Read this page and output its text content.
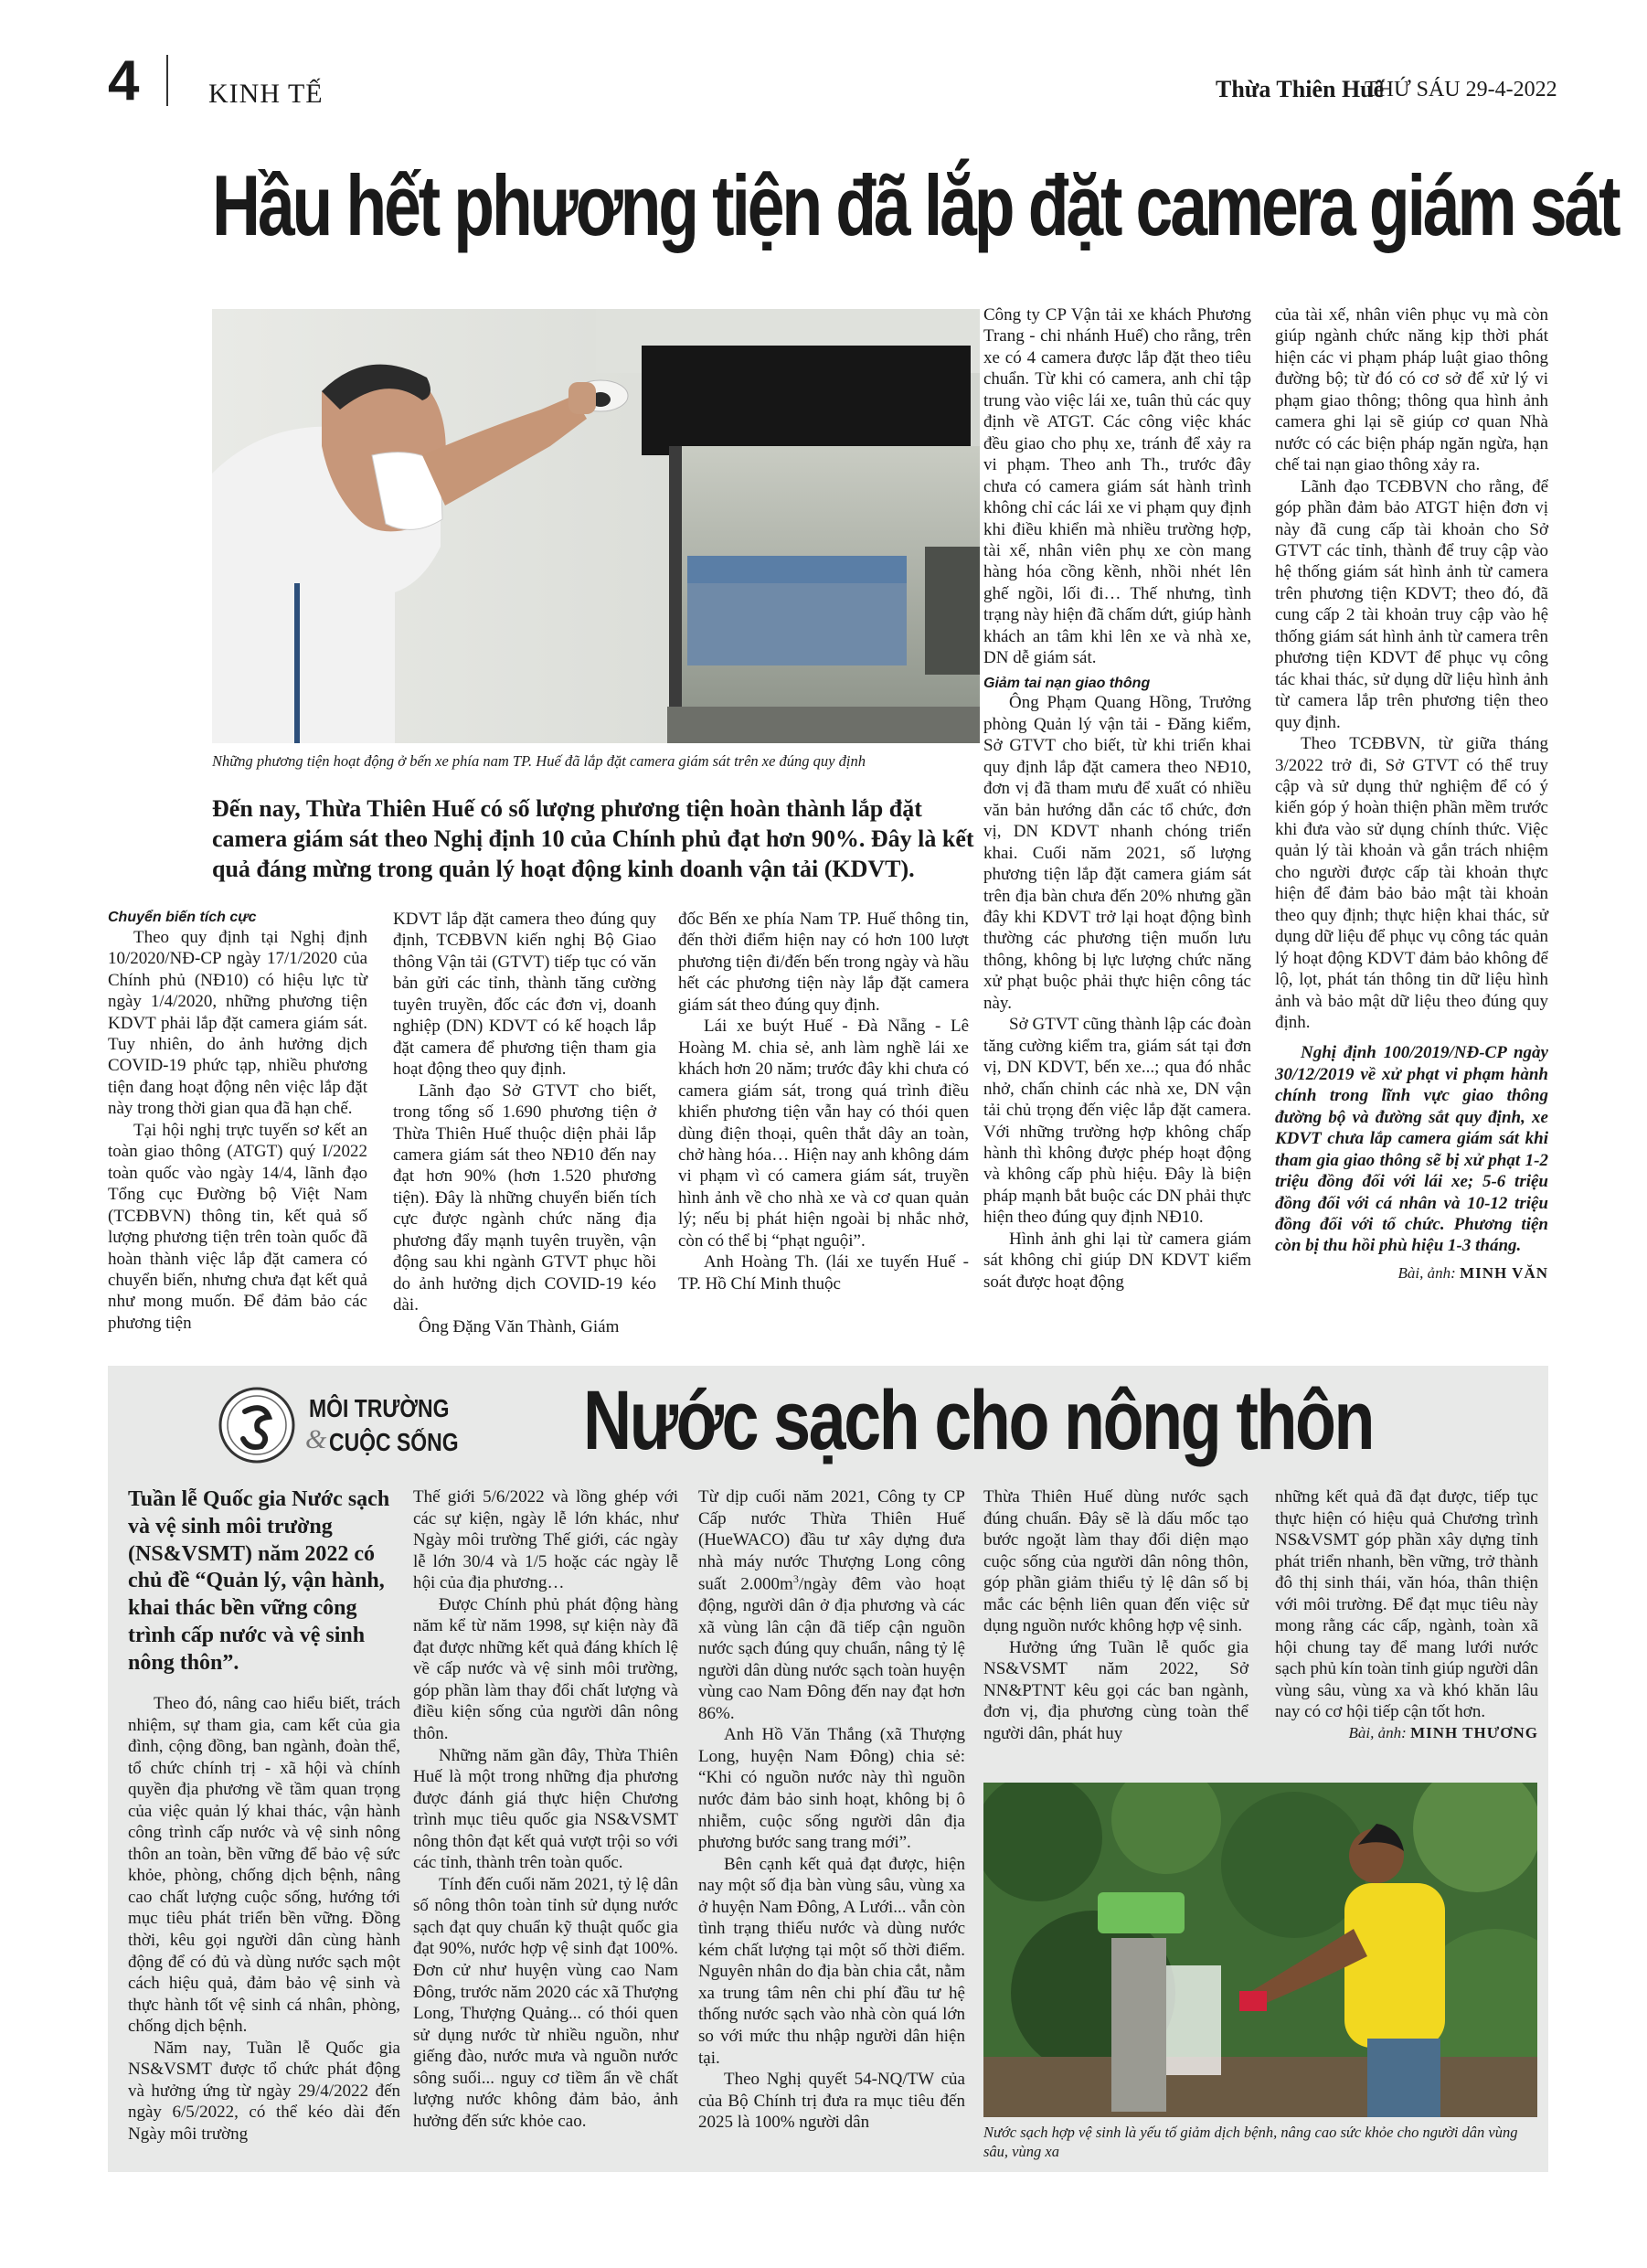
4	KINH TẾ	Thừa Thiên Huế
THỨ SÁU 29-4-2022
Hầu hết phương tiện đã lắp đặt camera giám sát
Những phương tiện hoạt động ở bến xe phía nam TP. Huế đã lắp đặt camera giám sát trên xe đúng quy định
Đến nay, Thừa Thiên Huế có số lượng phương tiện hoàn thành lắp đặt camera giám sát theo Nghị định 10 của Chính phủ đạt hơn 90%. Đây là kết quả đáng mừng trong quản lý hoạt động kinh doanh vận tải (KDVT).

Chuyển biến tích cực

Theo quy định tại Nghị định 10/2020/NĐ-CP ngày 17/1/2020 của Chính phủ (NĐ10) có hiệu lực từ ngày 1/4/2020, những phương tiện KDVT phải lắp đặt camera giám sát. Tuy nhiên, do ảnh hưởng dịch COVID-19 phức tạp, nhiều phương tiện đang hoạt động nên việc lắp đặt này trong thời gian qua đã hạn chế.

Tại hội nghị trực tuyến sơ kết an toàn giao thông (ATGT) quý I/2022 toàn quốc vào ngày 14/4, lãnh đạo Tổng cục Đường bộ Việt Nam (TCĐBVN) thông tin, kết quả số lượng phương tiện trên toàn quốc đã hoàn thành việc lắp đặt camera có chuyển biến, nhưng chưa đạt kết quả như mong muốn. Để đảm bảo các phương tiện

KDVT lắp đặt camera theo đúng quy định, TCĐBVN kiến nghị Bộ Giao thông Vận tải (GTVT) tiếp tục có văn bản gửi các tỉnh, thành tăng cường tuyên truyền, đốc các đơn vị, doanh nghiệp (DN) KDVT có kế hoạch lắp đặt camera để phương tiện tham gia hoạt động theo quy định.

Lãnh đạo Sở GTVT cho biết, trong tổng số 1.690 phương tiện ở Thừa Thiên Huế thuộc diện phải lắp camera giám sát theo NĐ10 đến nay đạt hơn 90% (hơn 1.520 phương tiện). Đây là những chuyển biến tích cực được ngành chức năng địa phương đẩy mạnh tuyên truyền, vận động sau khi ngành GTVT phục hồi do ảnh hưởng dịch COVID-19 kéo dài.

Ông Đặng Văn Thành, Giám

đốc Bến xe phía Nam TP. Huế thông tin, đến thời điểm hiện nay có hơn 100 lượt phương tiện đi/đến bến trong ngày và hầu hết các phương tiện này lắp đặt camera giám sát theo đúng quy định.

Lái xe buýt Huế - Đà Nẵng - Lê Hoàng M. chia sẻ, anh làm nghề lái xe khách hơn 20 năm; trước đây khi chưa có camera giám sát, trong quá trình điều khiển phương tiện vẫn hay có thói quen dùng điện thoại, quên thắt dây an toàn, chở hàng hóa… Hiện nay anh không dám vi phạm vì có camera giám sát, truyền hình ảnh về cho nhà xe và cơ quan quản lý; nếu bị phát hiện ngoài bị nhắc nhở, còn có thể bị “phạt nguội”.

Anh Hoàng Th. (lái xe tuyến Huế - TP. Hồ Chí Minh thuộc

Công ty CP Vận tải xe khách Phương Trang - chi nhánh Huế) cho rằng, trên xe có 4 camera được lắp đặt theo tiêu chuẩn. Từ khi có camera, anh chỉ tập trung vào việc lái xe, tuân thủ các quy định về ATGT. Các công việc khác đều giao cho phụ xe, tránh để xảy ra vi phạm. Theo anh Th., trước đây chưa có camera giám sát hành trình không chỉ các lái xe vi phạm quy định khi điều khiển mà nhiều trường hợp, tài xế, nhân viên phụ xe còn mang hàng hóa cồng kềnh, nhồi nhét lên ghế ngồi, lối đi… Thế nhưng, tình trạng này hiện đã chấm dứt, giúp hành khách an tâm khi lên xe và nhà xe, DN dễ giám sát.

Giảm tai nạn giao thông

Ông Phạm Quang Hồng, Trưởng phòng Quản lý vận tải - Đăng kiểm, Sở GTVT cho biết, từ khi triển khai quy định lắp đặt camera theo NĐ10, đơn vị đã tham mưu để xuất có nhiều văn bản hướng dẫn các tổ chức, đơn vị, DN KDVT nhanh chóng triển khai. Cuối năm 2021, số lượng phương tiện lắp đặt camera giám sát trên địa bàn chưa đến 20% nhưng gần đây khi KDVT trở lại hoạt động bình thường các phương tiện muốn lưu thông, không bị lực lượng chức năng xử phạt buộc phải thực hiện công tác này.

Sở GTVT cũng thành lập các đoàn tăng cường kiểm tra, giám sát tại đơn vị, DN KDVT, bến xe...; qua đó nhắc nhở, chấn chỉnh các nhà xe, DN vận tải chủ trọng đến việc lắp đặt camera. Với những trường hợp không chấp hành thì không được phép hoạt động và không cấp phù hiệu. Đây là biện pháp mạnh bắt buộc các DN phải thực hiện theo đúng quy định NĐ10.

Hình ảnh ghi lại từ camera giám sát không chỉ giúp DN KDVT kiểm soát được hoạt động

của tài xế, nhân viên phục vụ mà còn giúp ngành chức năng kịp thời phát hiện các vi phạm pháp luật giao thông đường bộ; từ đó có cơ sở để xử lý vi phạm giao thông; thông qua hình ảnh camera ghi lại sẽ giúp cơ quan Nhà nước có các biện pháp ngăn ngừa, hạn chế tai nạn giao thông xảy ra.

Lãnh đạo TCĐBVN cho rằng, để góp phần đảm bảo ATGT hiện đơn vị này đã cung cấp tài khoản cho Sở GTVT các tỉnh, thành để truy cập vào hệ thống giám sát hình ảnh từ camera trên phương tiện KDVT; theo đó, đã cung cấp 2 tài khoản truy cập vào hệ thống giám sát hình ảnh từ camera trên phương tiện KDVT để phục vụ công tác khai thác, sử dụng dữ liệu hình ảnh từ camera lắp trên phương tiện theo quy định.

Theo TCĐBVN, từ giữa tháng 3/2022 trở đi, Sở GTVT có thể truy cập và sử dụng thử nghiệm để có ý kiến góp ý hoàn thiện phần mềm trước khi đưa vào sử dụng chính thức. Việc quản lý tài khoản và gắn trách nhiệm cho người được cấp tài khoản thực hiện để đảm bảo bảo mật tài khoản theo quy định; thực hiện khai thác, sử dụng dữ liệu để phục vụ công tác quản lý hoạt động KDVT đảm bảo không để lộ, lọt, phát tán thông tin dữ liệu hình ảnh và bảo mật dữ liệu theo đúng quy định.

Nghị định 100/2019/NĐ-CP ngày 30/12/2019 về xử phạt vi phạm hành chính trong lĩnh vực giao thông đường bộ và đường sắt quy định, xe KDVT chưa lắp camera giám sát khi tham gia giao thông sẽ bị xử phạt 1-2 triệu đồng đối với lái xe; 5-6 triệu đồng đối với cá nhân và 10-12 triệu đồng đối với tổ chức. Phương tiện còn bị thu hồi phù hiệu 1-3 tháng.

Bài, ảnh: MINH VĂN

MÔI TRƯỜNG
& CUỘC SỐNG Nước sạch cho nông thôn
Tuần lễ Quốc gia Nước sạch và vệ sinh môi trường (NS&VSMT) năm 2022 có chủ đề “Quản lý, vận hành, khai thác bền vững công trình cấp nước và vệ sinh nông thôn”.

Theo đó, nâng cao hiểu biết, trách nhiệm, sự tham gia, cam kết của gia đình, cộng đồng, ban ngành, đoàn thể, tổ chức chính trị - xã hội và chính quyền địa phương về tầm quan trọng của việc quản lý khai thác, vận hành công trình cấp nước và vệ sinh nông thôn an toàn, bền vững để bảo vệ sức khỏe, phòng, chống dịch bệnh, nâng cao chất lượng cuộc sống, hướng tới mục tiêu phát triển bền vững. Đồng thời, kêu gọi người dân cùng hành động để có đủ và dùng nước sạch một cách hiệu quả, đảm bảo vệ sinh và thực hành tốt vệ sinh cá nhân, phòng, chống dịch bệnh.

Năm nay, Tuần lễ Quốc gia NS&VSMT được tổ chức phát động và hưởng ứng từ ngày 29/4/2022 đến ngày 6/5/2022, có thể kéo dài đến Ngày môi trường

Thế giới 5/6/2022 và lồng ghép với các sự kiện, ngày lễ lớn khác, như Ngày môi trường Thế giới, các ngày lễ lớn 30/4 và 1/5 hoặc các ngày lễ hội của địa phương…

Được Chính phủ phát động hàng năm kể từ năm 1998, sự kiện này đã đạt được những kết quả đáng khích lệ về cấp nước và vệ sinh môi trường, góp phần làm thay đổi chất lượng và điều kiện sống của người dân nông thôn.

Những năm gần đây, Thừa Thiên Huế là một trong những địa phương được đánh giá thực hiện Chương trình mục tiêu quốc gia NS&VSMT nông thôn đạt kết quả vượt trội so với các tỉnh, thành trên toàn quốc.

Tính đến cuối năm 2021, tỷ lệ dân số nông thôn toàn tỉnh sử dụng nước sạch đạt quy chuẩn kỹ thuật quốc gia đạt 90%, nước hợp vệ sinh đạt 100%. Đơn cử như huyện vùng cao Nam Đông, trước năm 2020 các xã Thượng Long, Thượng Quảng... có thói quen sử dụng nước từ nhiều nguồn, như giếng đào, nước mưa và nguồn nước sông suối... nguy cơ tiềm ẩn về chất lượng nước không đảm bảo, ảnh hưởng đến sức khỏe cao.

Từ dịp cuối năm 2021, Công ty CP Cấp nước Thừa Thiên Huế (HueWACO) đầu tư xây dựng đưa nhà máy nước Thượng Long công suất $2.000m^3$/ngày đêm vào hoạt động, người dân ở địa phương và các xã vùng lân cận đã tiếp cận nguồn nước sạch đúng quy chuẩn, nâng tỷ lệ người dân dùng nước sạch toàn huyện vùng cao Nam Đông đến nay đạt hơn 86%.

Anh Hồ Văn Thắng (xã Thượng Long, huyện Nam Đông) chia sẻ: “Khi có nguồn nước này thì nguồn nước đảm bảo sinh hoạt, không bị ô nhiễm, cuộc sống người dân địa phương bước sang trang mới”.

Bên cạnh kết quả đạt được, hiện nay một số địa bàn vùng sâu, vùng xa ở huyện Nam Đông, A Lưới... vẫn còn tình trạng thiếu nước và dùng nước kém chất lượng tại một số thời điểm. Nguyên nhân do địa bàn chia cắt, nằm xa trung tâm nên chi phí đầu tư hệ thống nước sạch vào nhà còn quá lớn so với mức thu nhập người dân hiện tại.

Theo Nghị quyết 54-NQ/TW của của Bộ Chính trị đưa ra mục tiêu đến 2025 là 100% người dân

Thừa Thiên Huế dùng nước sạch đúng chuẩn. Đây sẽ là dấu mốc tạo bước ngoặt làm thay đổi diện mạo cuộc sống của người dân nông thôn, góp phần giảm thiểu tỷ lệ dân số bị mắc các bệnh liên quan đến việc sử dụng nguồn nước không hợp vệ sinh.

Hưởng ứng Tuần lễ quốc gia NS&VSMT năm 2022, Sở NN&PTNT kêu gọi các ban ngành, đơn vị, địa phương cùng toàn thể người dân, phát huy

những kết quả đã đạt được, tiếp tục thực hiện có hiệu quả Chương trình NS&VSMT góp phần xây dựng tỉnh phát triển nhanh, bền vững, trở thành đô thị sinh thái, văn hóa, thân thiện với môi trường. Để đạt mục tiêu này mong rằng các cấp, ngành, toàn xã hội chung tay để mang lưới nước sạch phủ kín toàn tỉnh giúp người dân vùng sâu, vùng xa và khó khăn lâu nay có cơ hội tiếp cận tốt hơn.

Bài, ảnh: MINH THƯƠNG

Nước sạch hợp vệ sinh là yếu tố giảm dịch bệnh, nâng cao sức khỏe cho người dân vùng sâu, vùng xa
